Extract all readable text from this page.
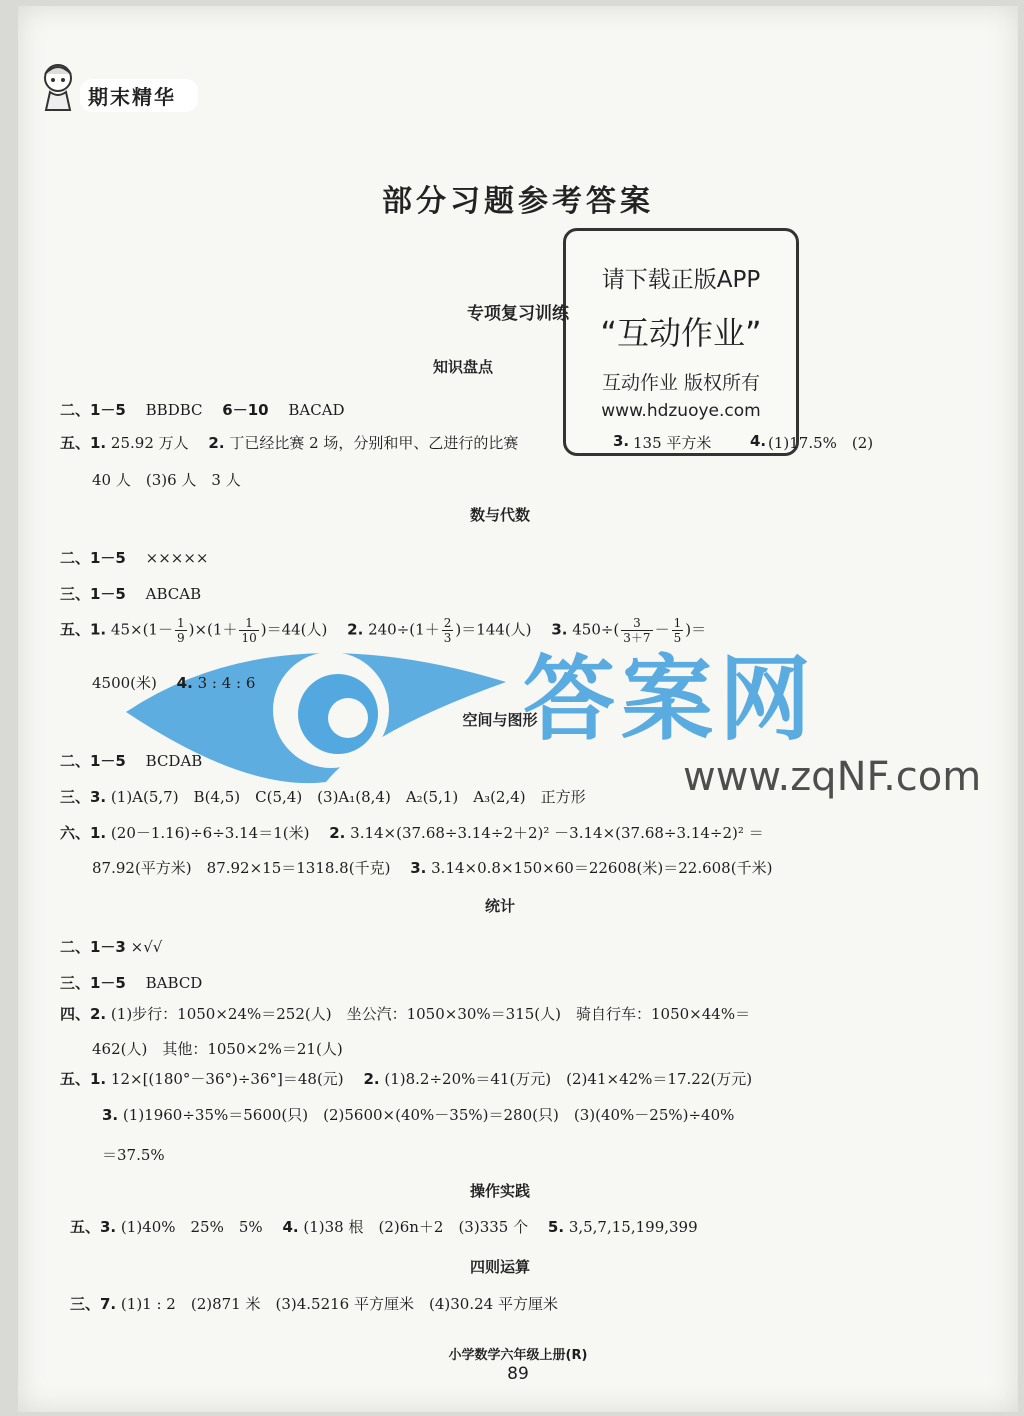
期末精华
部分习题参考答案
请下载正版APP
“互动作业”
互动作业 版权所有
www.hdzuoye.com
答案网
www.zqNF.com
专项复习训练
知识盘点
二、1－5　 BBDBC　 6－10　 BACAD
五、1. 25.92 万人　 2. 丁已经比赛 2 场，分别和甲、乙进行的比赛	3. 135 平方米	4. (1)17.5%　(2)
40 人　(3)6 人　3 人
数与代数
二、1－5　 ×××××
三、1－5　 ABCAB
五、1. $45\times(1- \frac{1}{9} )\times(1+ \frac{1}{10} )=44$(人)　 2. $240\div(1+ \frac{2}{3} )=144$(人)　 3. $450\div( \frac{3}{3+7} - \frac{1}{5}$ )＝
4500(米)　 4. 3 : 4 : 6
空间与图形
二、1－5　 BCDAB
三、3. (1)A(5,7)　B(4,5)　C(5,4)　(3)A₁(8,4)　A₂(5,1)　A₃(2,4)　正方形
六、1. (20－1.16)÷6÷3.14＝1(米)　 2. 3.14×(37.68÷3.14÷2＋2)² －3.14×(37.68÷3.14÷2)² ＝
87.92(平方米)　87.92×15＝1318.8(千克)　 3. 3.14×0.8×150×60＝22608(米)＝22.608(千米)
统计
二、1－3 ×√√
三、1－5　 BABCD
四、2. (1)步行：1050×24%＝252(人)　坐公汽：1050×30%＝315(人)　骑自行车：1050×44%＝
462(人)　其他：1050×2%＝21(人)
五、1. 12×[(180°－36°)÷36°]＝48(元)　 2. (1)8.2÷20%＝41(万元)　(2)41×42%＝17.22(万元)
3. (1)1960÷35%＝5600(只)　(2)5600×(40%－35%)＝280(只)　(3)(40%－25%)÷40%
＝37.5%
操作实践
五、3. (1)40%　25%　5%　 4. (1)38 根　(2)6n＋2　(3)335 个　 5. 3,5,7,15,199,399
四则运算
三、7. (1)1 : 2　(2)871 米　(3)4.5216 平方厘米　(4)30.24 平方厘米
小学数学六年级上册(R)
89
